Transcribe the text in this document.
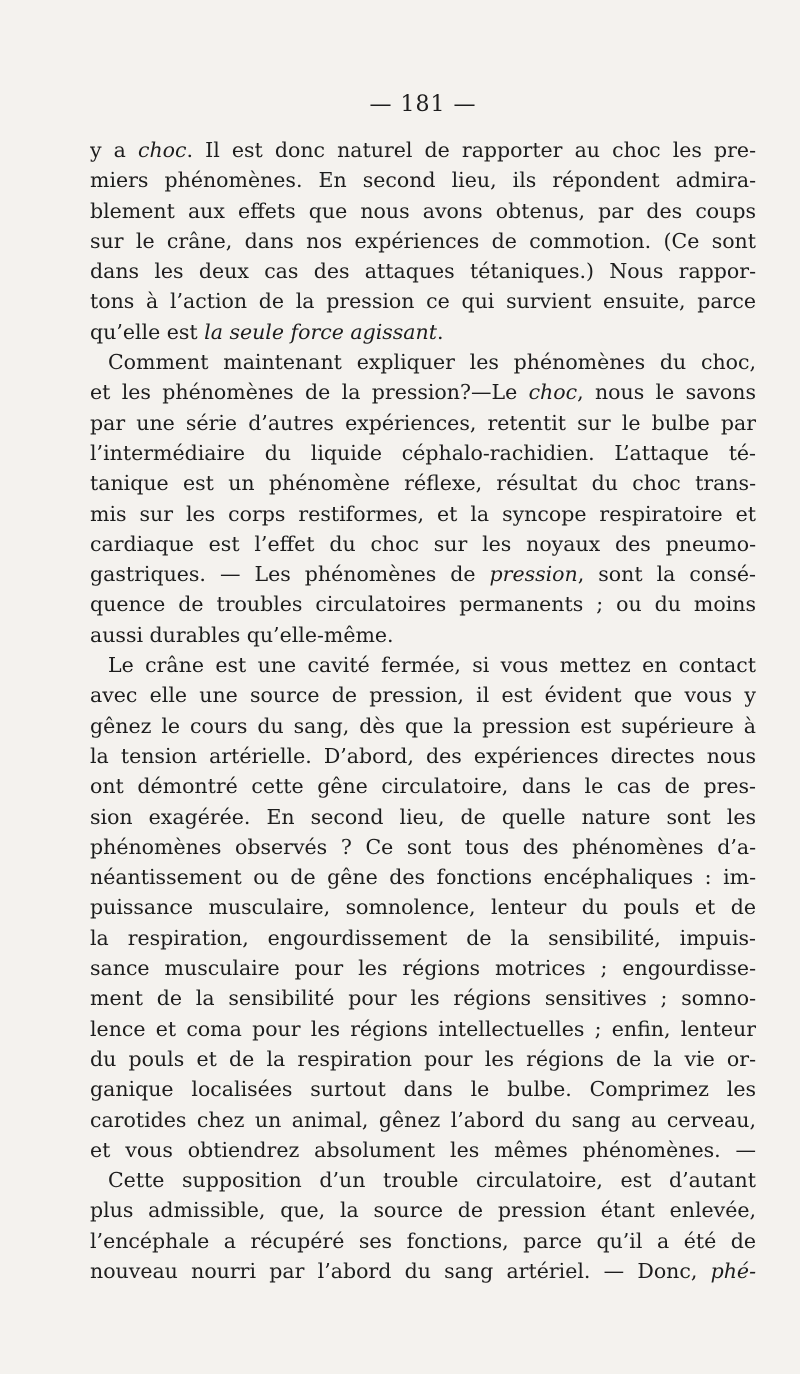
— 181 —
y a choc. Il est donc naturel de rapporter au choc les pre-
miers phénomènes. En second lieu, ils répondent admira-
blement aux effets que nous avons obtenus, par des coups
sur le crâne, dans nos expériences de commotion. (Ce sont
dans les deux cas des attaques tétaniques.) Nous rappor-
tons à l’action de la pression ce qui survient ensuite, parce
qu’elle est la seule force agissant.
Comment maintenant expliquer les phénomènes du choc,
et les phénomènes de la pression?—Le choc, nous le savons
par une série d’autres expériences, retentit sur le bulbe par
l’intermédiaire du liquide céphalo-rachidien. L’attaque té-
tanique est un phénomène réflexe, résultat du choc trans-
mis sur les corps restiformes, et la syncope respiratoire et
cardiaque est l’effet du choc sur les noyaux des pneumo-
gastriques. — Les phénomènes de pression, sont la consé-
quence de troubles circulatoires permanents ; ou du moins
aussi durables qu’elle-même.
Le crâne est une cavité fermée, si vous mettez en contact
avec elle une source de pression, il est évident que vous y
gênez le cours du sang, dès que la pression est supérieure à
la tension artérielle. D’abord, des expériences directes nous
ont démontré cette gêne circulatoire, dans le cas de pres-
sion exagérée. En second lieu, de quelle nature sont les
phénomènes observés ? Ce sont tous des phénomènes d’a-
néantissement ou de gêne des fonctions encéphaliques : im-
puissance musculaire, somnolence, lenteur du pouls et de
la respiration, engourdissement de la sensibilité, impuis-
sance musculaire pour les régions motrices ; engourdisse-
ment de la sensibilité pour les régions sensitives ; somno-
lence et coma pour les régions intellectuelles ; enfin, lenteur
du pouls et de la respiration pour les régions de la vie or-
ganique localisées surtout dans le bulbe. Comprimez les
carotides chez un animal, gênez l’abord du sang au cerveau,
et vous obtiendrez absolument les mêmes phénomènes. —
Cette supposition d’un trouble circulatoire, est d’autant
plus admissible, que, la source de pression étant enlevée,
l’encéphale a récupéré ses fonctions, parce qu’il a été de
nouveau nourri par l’abord du sang artériel. — Donc, phé-
